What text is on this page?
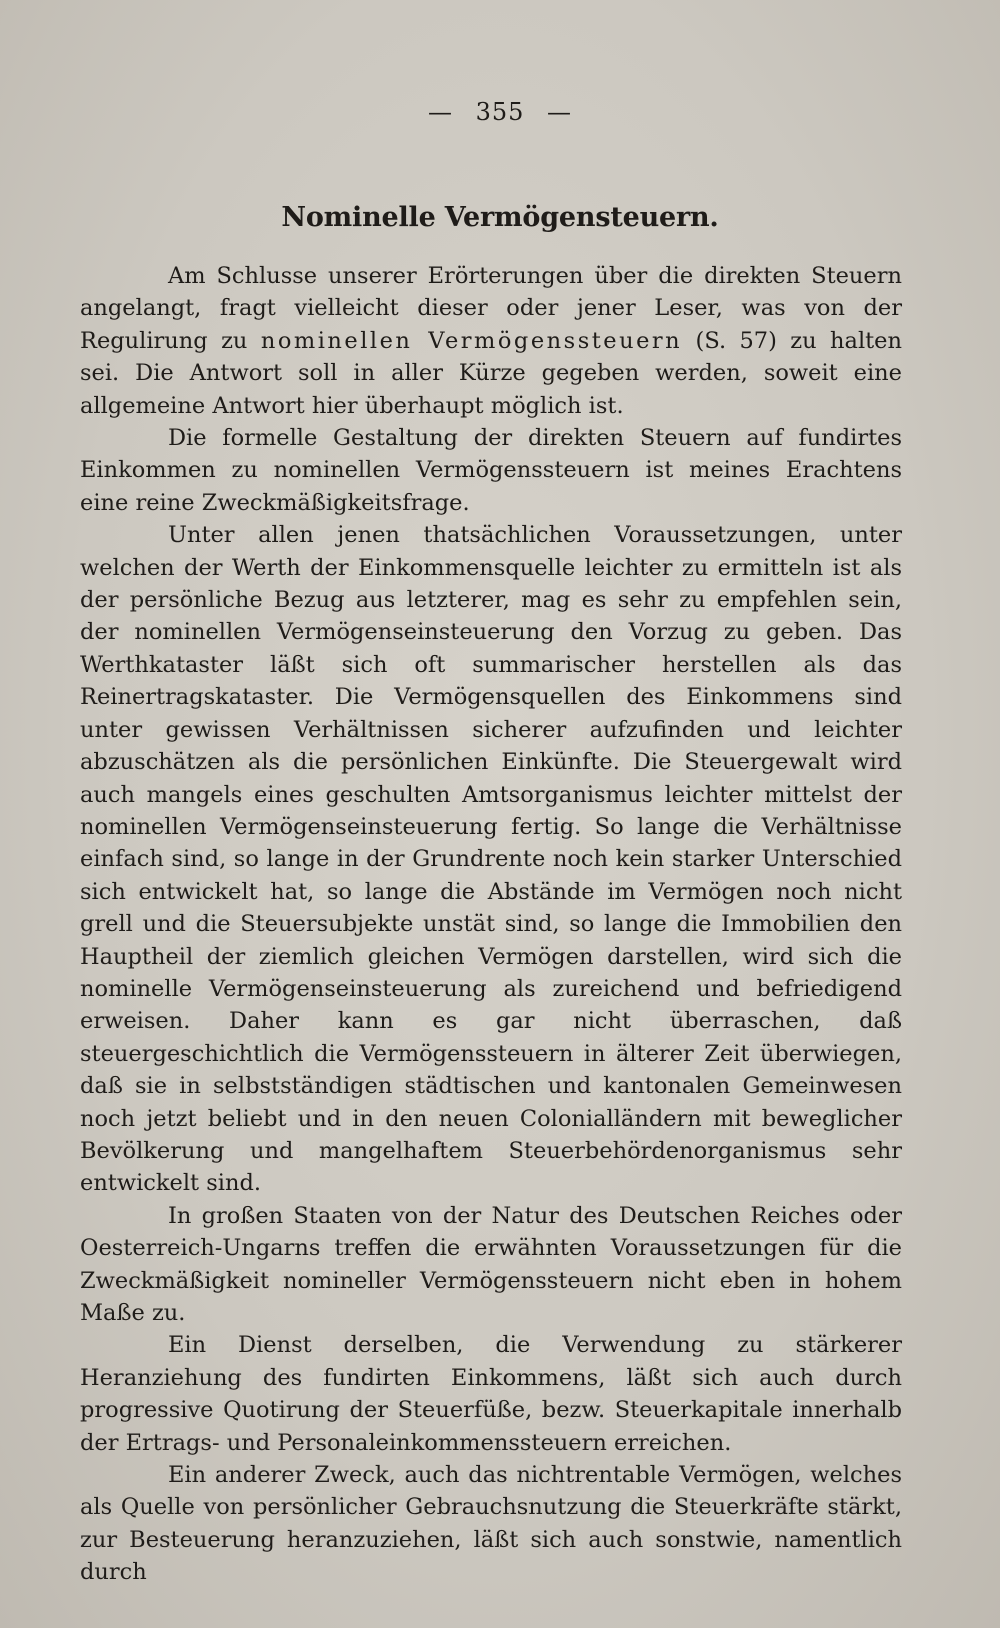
— 355 —
Nominelle Vermögensteuern.

Am Schlusse unserer Erörterungen über die direkten Steuern angelangt, fragt vielleicht dieser oder jener Leser, was von der Regulirung zu nominellen Vermögenssteuern (S. 57) zu halten sei. Die Antwort soll in aller Kürze gegeben werden, soweit eine allgemeine Antwort hier überhaupt möglich ist.

Die formelle Gestaltung der direkten Steuern auf fundirtes Einkommen zu nominellen Vermögenssteuern ist meines Erachtens eine reine Zweckmäßigkeitsfrage.

Unter allen jenen thatsächlichen Voraussetzungen, unter welchen der Werth der Einkommensquelle leichter zu ermitteln ist als der persönliche Bezug aus letzterer, mag es sehr zu empfehlen sein, der nominellen Vermögenseinsteuerung den Vorzug zu geben. Das Werthkataster läßt sich oft summarischer herstellen als das Reinertragskataster. Die Vermögensquellen des Einkommens sind unter gewissen Verhältnissen sicherer aufzufinden und leichter abzuschätzen als die persönlichen Einkünfte. Die Steuergewalt wird auch mangels eines geschulten Amtsorganismus leichter mittelst der nominellen Vermögenseinsteuerung fertig. So lange die Verhältnisse einfach sind, so lange in der Grundrente noch kein starker Unterschied sich entwickelt hat, so lange die Abstände im Vermögen noch nicht grell und die Steuersubjekte unstät sind, so lange die Immobilien den Hauptheil der ziemlich gleichen Vermögen darstellen, wird sich die nominelle Vermögenseinsteuerung als zureichend und befriedigend erweisen. Daher kann es gar nicht überraschen, daß steuergeschichtlich die Vermögenssteuern in älterer Zeit überwiegen, daß sie in selbstständigen städtischen und kantonalen Gemeinwesen noch jetzt beliebt und in den neuen Colonialländern mit beweglicher Bevölkerung und mangelhaftem Steuerbehördenorganismus sehr entwickelt sind.

In großen Staaten von der Natur des Deutschen Reiches oder Oesterreich-Ungarns treffen die erwähnten Voraussetzungen für die Zweckmäßigkeit nomineller Vermögenssteuern nicht eben in hohem Maße zu.

Ein Dienst derselben, die Verwendung zu stärkerer Heranziehung des fundirten Einkommens, läßt sich auch durch progressive Quotirung der Steuerfüße, bezw. Steuerkapitale innerhalb der Ertrags- und Personaleinkommenssteuern erreichen.

Ein anderer Zweck, auch das nichtrentable Vermögen, welches als Quelle von persönlicher Gebrauchsnutzung die Steuerkräfte stärkt, zur Besteuerung heranzuziehen, läßt sich auch sonstwie, namentlich durch
